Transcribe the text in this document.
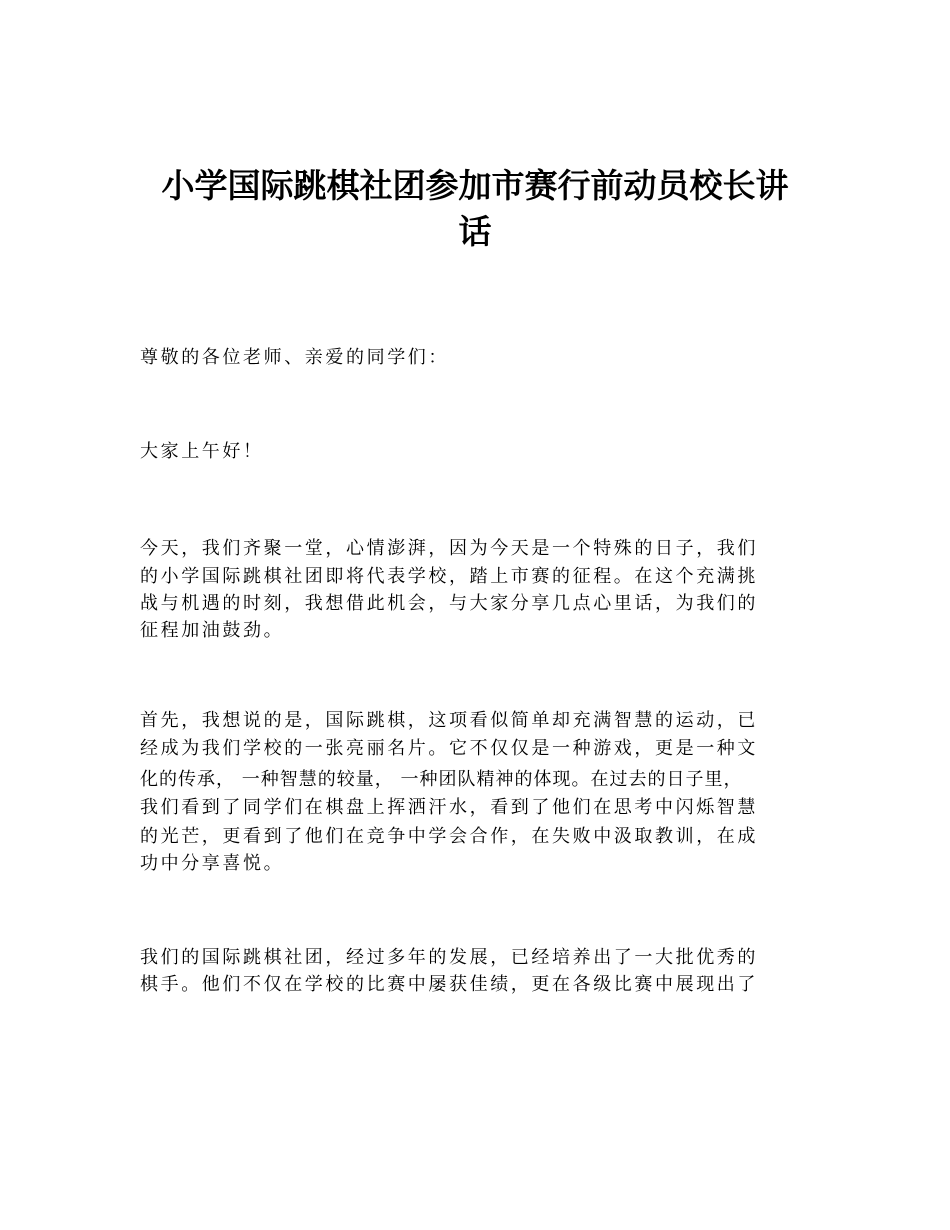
小学国际跳棋社团参加市赛行前动员校长讲
话
尊敬的各位老师、亲爱的同学们：
大家上午好！
今天，我们齐聚一堂，心情澎湃，因为今天是一个特殊的日子，我们
的小学国际跳棋社团即将代表学校，踏上市赛的征程。在这个充满挑
战与机遇的时刻，我想借此机会，与大家分享几点心里话，为我们的
征程加油鼓劲。
首先，我想说的是，国际跳棋，这项看似简单却充满智慧的运动，已
经成为我们学校的一张亮丽名片。它不仅仅是一种游戏，更是一种文
化的传承， 一种智慧的较量， 一种团队精神的体现。在过去的日子里，
我们看到了同学们在棋盘上挥洒汗水，看到了他们在思考中闪烁智慧
的光芒，更看到了他们在竞争中学会合作，在失败中汲取教训，在成
功中分享喜悦。
我们的国际跳棋社团，经过多年的发展，已经培养出了一大批优秀的
棋手。他们不仅在学校的比赛中屡获佳绩，更在各级比赛中展现出了
